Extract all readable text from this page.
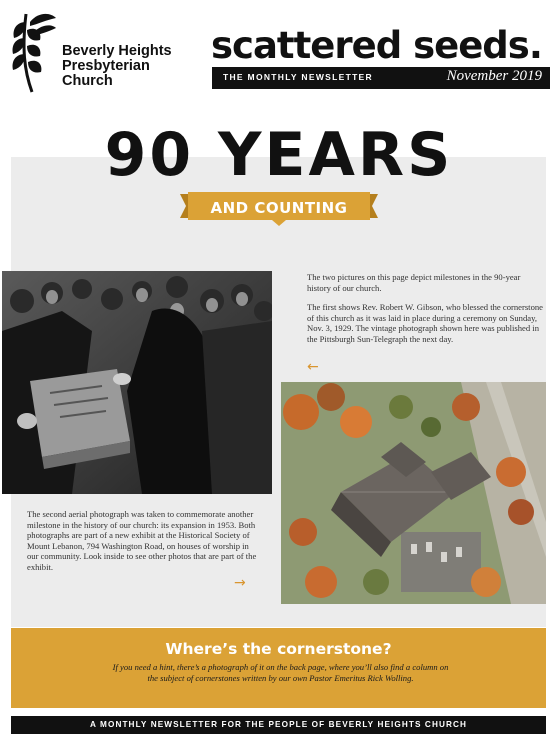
Beverly Heights
Presbyterian
Church
scattered seeds.
THE MONTHLY NEWSLETTER	November 2019
90 YEARS
AND COUNTING

The two pictures on this page depict milestones in the 90-year history of our church.

The first shows Rev. Robert W. Gibson, who blessed the cornerstone of this church as it was laid in place during a ceremony on Sunday, Nov. 3, 1929. The vintage photograph shown here was published in the Pittsburgh Sun-Telegraph the next day.

←
The second aerial photograph was taken to commemorate another milestone in the history of our church: its expansion in 1953. Both photographs are part of a new exhibit at the Historical Society of Mount Lebanon, 794 Washington Road, on houses of worship in our community. Look inside to see other photos that are part of the exhibit.
→
Where’s the cornerstone?
If you need a hint, there’s a photograph of it on the back page, where you’ll also find a column on the subject of cornerstones written by our own Pastor Emeritus Rick Wolling.
A MONTHLY NEWSLETTER FOR THE PEOPLE OF BEVERLY HEIGHTS CHURCH
